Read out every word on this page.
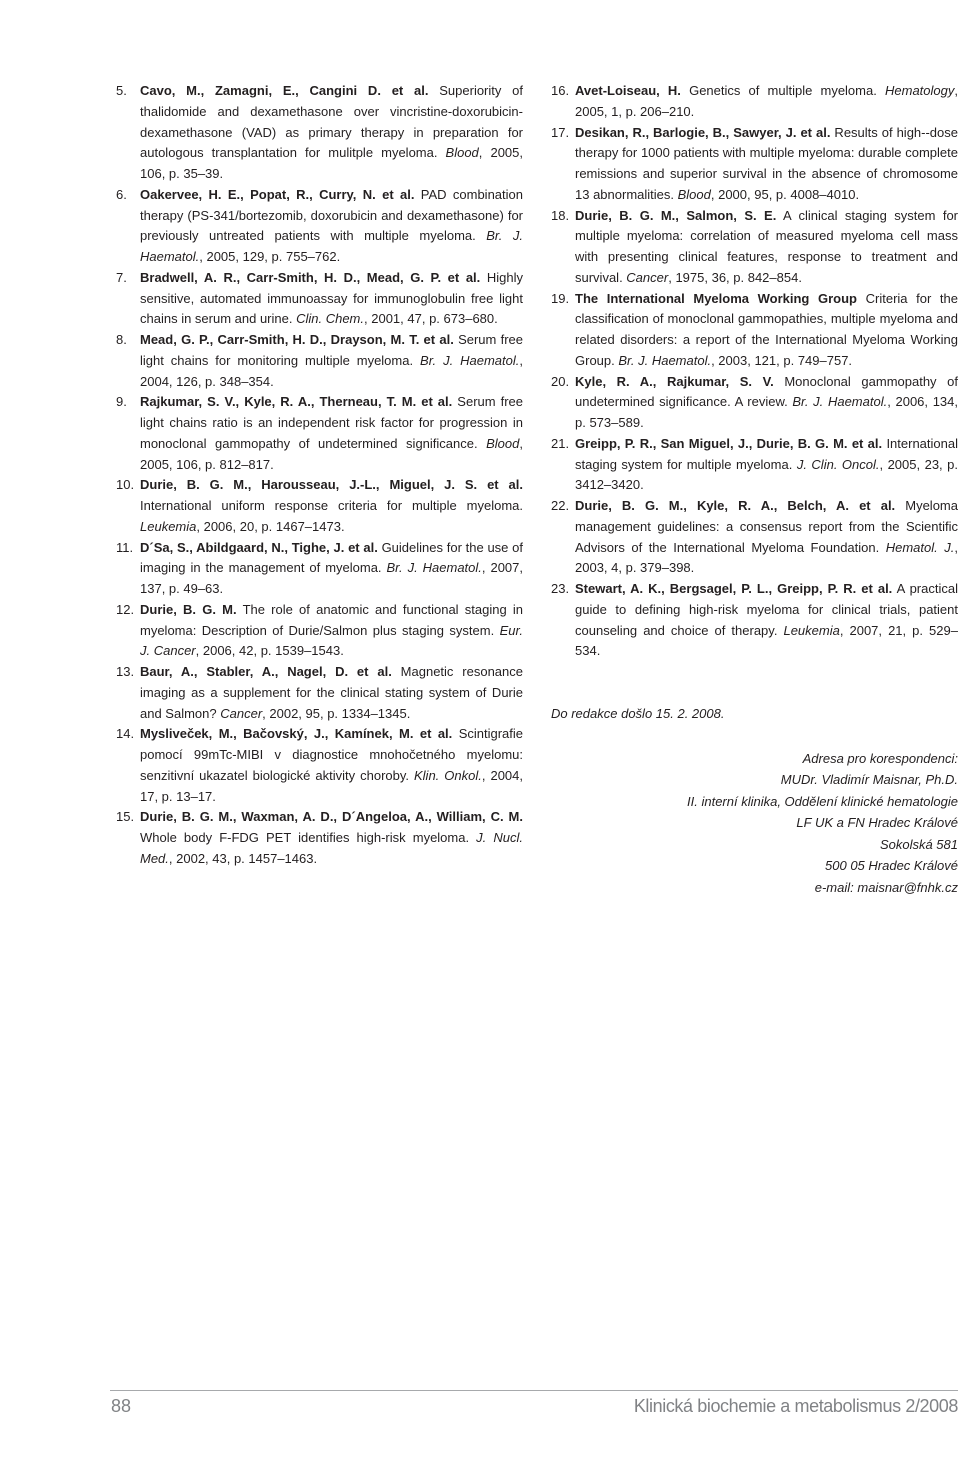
5. Cavo, M., Zamagni, E., Cangini D. et al. Superiority of thalidomide and dexamethasone over vincristine-doxorubicin-dexamethasone (VAD) as primary therapy in preparation for autologous transplantation for mulitple myeloma. Blood, 2005, 106, p. 35–39.
6. Oakervee, H. E., Popat, R., Curry, N. et al. PAD combination therapy (PS-341/bortezomib, doxorubicin and dexamethasone) for previously untreated patients with multiple myeloma. Br. J. Haematol., 2005, 129, p. 755–762.
7. Bradwell, A. R., Carr-Smith, H. D., Mead, G. P. et al. Highly sensitive, automated immunoassay for immunoglobulin free light chains in serum and urine. Clin. Chem., 2001, 47, p. 673–680.
8. Mead, G. P., Carr-Smith, H. D., Drayson, M. T. et al. Serum free light chains for monitoring multiple myeloma. Br. J. Haematol., 2004, 126, p. 348–354.
9. Rajkumar, S. V., Kyle, R. A., Therneau, T. M. et al. Serum free light chains ratio is an independent risk factor for progression in monoclonal gammopathy of undetermined significance. Blood, 2005, 106, p. 812–817.
10. Durie, B. G. M., Harousseau, J.-L., Miguel, J. S. et al. International uniform response criteria for multiple myeloma. Leukemia, 2006, 20, p. 1467–1473.
11. D´Sa, S., Abildgaard, N., Tighe, J. et al. Guidelines for the use of imaging in the management of myeloma. Br. J. Haematol., 2007, 137, p. 49–63.
12. Durie, B. G. M. The role of anatomic and functional staging in myeloma: Description of Durie/Salmon plus staging system. Eur. J. Cancer, 2006, 42, p. 1539–1543.
13. Baur, A., Stabler, A., Nagel, D. et al. Magnetic resonance imaging as a supplement for the clinical stating system of Durie and Salmon? Cancer, 2002, 95, p. 1334–1345.
14. Mysliveček, M., Bačovský, J., Kamínek, M. et al. Scintigrafie pomocí 99mTc-MIBI v diagnostice mnohočetného myelomu: senzitivní ukazatel biologické aktivity choroby. Klin. Onkol., 2004, 17, p. 13–17.
15. Durie, B. G. M., Waxman, A. D., D´Angeloa, A., William, C. M. Whole body F-FDG PET identifies high-risk myeloma. J. Nucl. Med., 2002, 43, p. 1457–1463.
16. Avet-Loiseau, H. Genetics of multiple myeloma. Hematology, 2005, 1, p. 206–210.
17. Desikan, R., Barlogie, B., Sawyer, J. et al. Results of high--dose therapy for 1000 patients with multiple myeloma: durable complete remissions and superior survival in the absence of chromosome 13 abnormalities. Blood, 2000, 95, p. 4008–4010.
18. Durie, B. G. M., Salmon, S. E. A clinical staging system for multiple myeloma: correlation of measured myeloma cell mass with presenting clinical features, response to treatment and survival. Cancer, 1975, 36, p. 842–854.
19. The International Myeloma Working Group Criteria for the classification of monoclonal gammopathies, multiple myeloma and related disorders: a report of the International Myeloma Working Group. Br. J. Haematol., 2003, 121, p. 749–757.
20. Kyle, R. A., Rajkumar, S. V. Monoclonal gammopathy of undetermined significance. A review. Br. J. Haematol., 2006, 134, p. 573–589.
21. Greipp, P. R., San Miguel, J., Durie, B. G. M. et al. International staging system for multiple myeloma. J. Clin. Oncol., 2005, 23, p. 3412–3420.
22. Durie, B. G. M., Kyle, R. A., Belch, A. et al. Myeloma management guidelines: a consensus report from the Scientific Advisors of the International Myeloma Foundation. Hematol. J., 2003, 4, p. 379–398.
23. Stewart, A. K., Bergsagel, P. L., Greipp, P. R. et al. A practical guide to defining high-risk myeloma for clinical trials, patient counseling and choice of therapy. Leukemia, 2007, 21, p. 529–534.
Do redakce došlo 15. 2. 2008.
Adresa pro korespondenci:
MUDr. Vladimír Maisnar, Ph.D.
II. interní klinika, Oddělení klinické hematologie
LF UK a FN Hradec Králové
Sokolská 581
500 05 Hradec Králové
e-mail: maisnar@fnhk.cz
88	Klinická biochemie a metabolismus 2/2008
